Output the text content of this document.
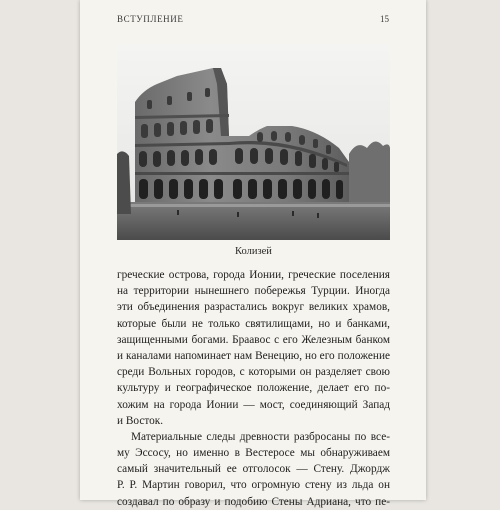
ВСТУПЛЕНИЕ	15
Колизей
греческие острова, города Ионии, греческие поселения
на территории нынешнего побережья Турции. Иногда
эти объединения разрастались вокруг великих храмов,
которые были не только святилищами, но и банками,
защищенными богами. Браавос с его Железным банком
и каналами напоминает нам Венецию, но его положение
среди Вольных городов, с которыми он разделяет свою
культуру и географическое положение, делает его по-
хожим на города Ионии — мост, соединяющий Запад
и Восток.
Материальные следы древности разбросаны по все-
му Эссосу, но именно в Вестеросе мы обнаруживаем
самый значительный ее отголосок — Стену. Джордж
Р. Р. Мартин говорил, что огромную стену из льда он
создавал по образу и подобию Стены Адриана, что пе-
